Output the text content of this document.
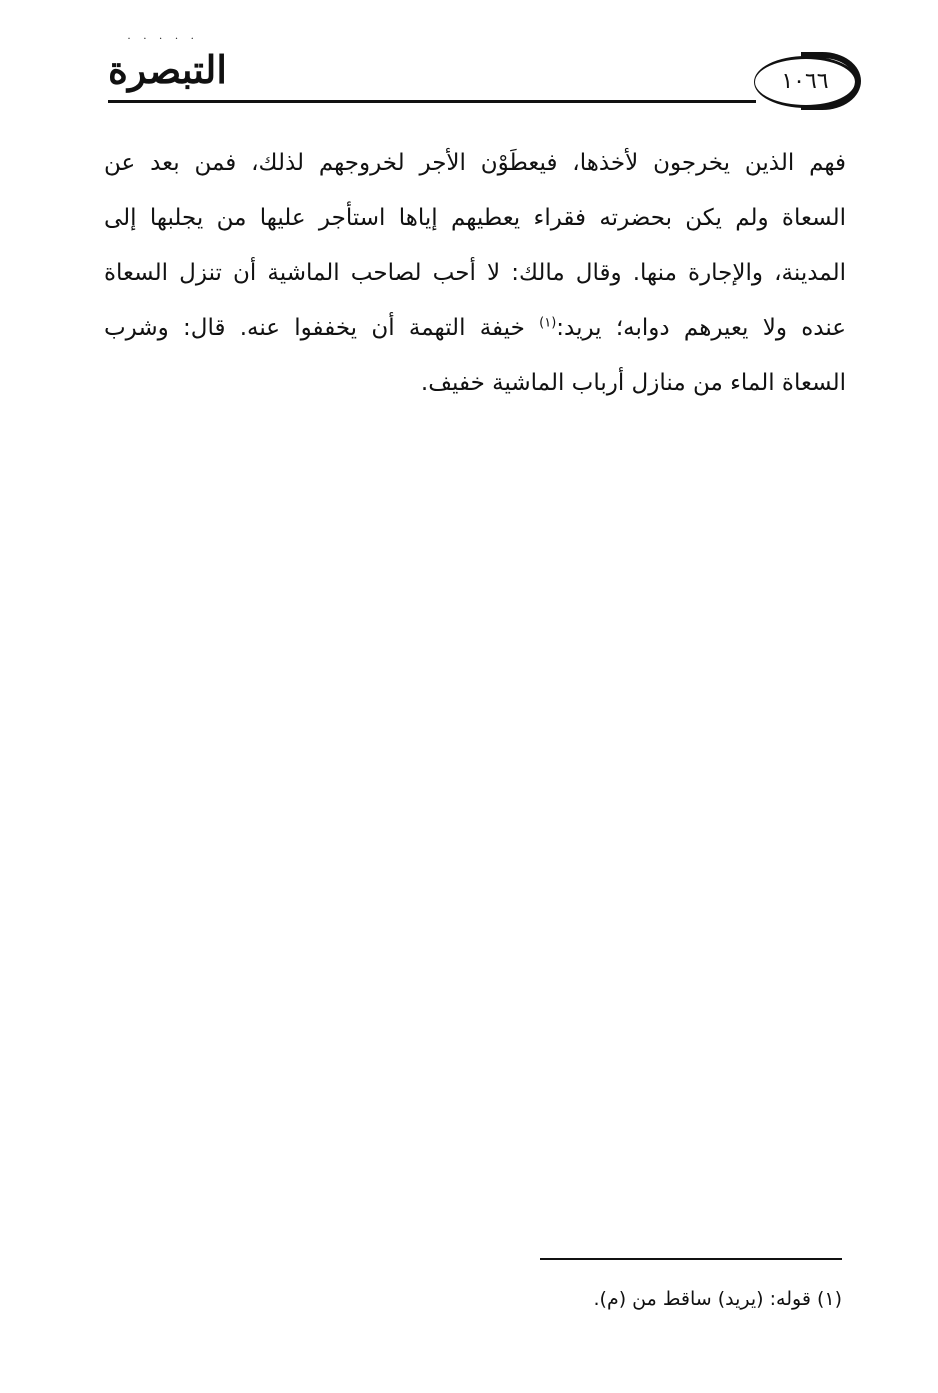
˙ ˙ ˙ ˙ ˙
التبصرة	١٠٦٦
فهم الذين يخرجون لأخذها، فيعطَوْن الأجر لخروجهم لذلك، فمن بعد عن
السعاة ولم يكن بحضرته فقراء يعطيهم إياها استأجر عليها من يجلبها إلى
المدينة، والإجارة منها. وقال مالك: لا أحب لصاحب الماشية أن تنزل السعاة
عنده ولا يعيرهم دوابه؛ يريد:$^{(١)}$ خيفة التهمة أن يخففوا عنه. قال: وشرب
السعاة الماء من منازل أرباب الماشية خفيف.
(١) قوله: (يريد) ساقط من (م).
